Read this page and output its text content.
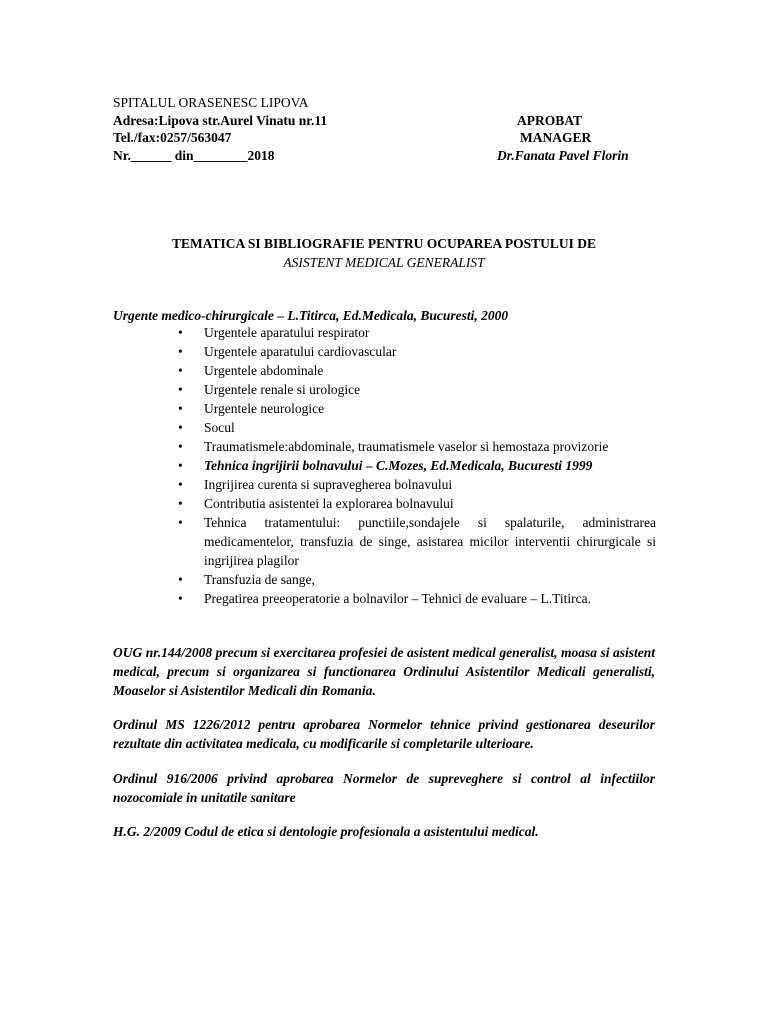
SPITALUL ORASENESC LIPOVA
Adresa:Lipova str.Aurel Vinatu nr.11
Tel./fax:0257/563047
Nr.______ din________2018
APROBAT
MANAGER
Dr.Fanata Pavel Florin
TEMATICA SI BIBLIOGRAFIE PENTRU OCUPAREA POSTULUI DE
ASISTENT MEDICAL GENERALIST
Urgente medico-chirurgicale – L.Titirca, Ed.Medicala, Bucuresti, 2000
•	Urgentele aparatului respirator
•	Urgentele aparatului cardiovascular
•	Urgentele abdominale
•	Urgentele renale si urologice
•	Urgentele neurologice
•	Socul
•	Traumatismele:abdominale, traumatismele vaselor si hemostaza provizorie
•	Tehnica ingrijirii bolnavului – C.Mozes, Ed.Medicala, Bucuresti 1999
•	Ingrijirea curenta si supravegherea bolnavului
•	Contributia asistentei la explorarea bolnavului
•	Tehnica tratamentului: punctiile,sondajele si spalaturile, administrarea medicamentelor, transfuzia de singe, asistarea micilor interventii chirurgicale si ingrijirea plagilor
•	Transfuzia de sange,
•	Pregatirea preeoperatorie a bolnavilor – Tehnici de evaluare – L.Titirca.
OUG nr.144/2008 precum si exercitarea profesiei de asistent medical generalist, moasa si asistent medical, precum si organizarea si functionarea Ordinului Asistentilor Medicali generalisti, Moaselor si Asistentilor Medicali din Romania.
Ordinul MS 1226/2012 pentru aprobarea Normelor tehnice privind gestionarea deseurilor rezultate din activitatea medicala, cu modificarile si completarile ulterioare.
Ordinul 916/2006 privind aprobarea Normelor de supreveghere si control al infectiilor nozocomiale in unitatile sanitare
H.G. 2/2009 Codul de etica si dentologie profesionala a asistentului medical.
